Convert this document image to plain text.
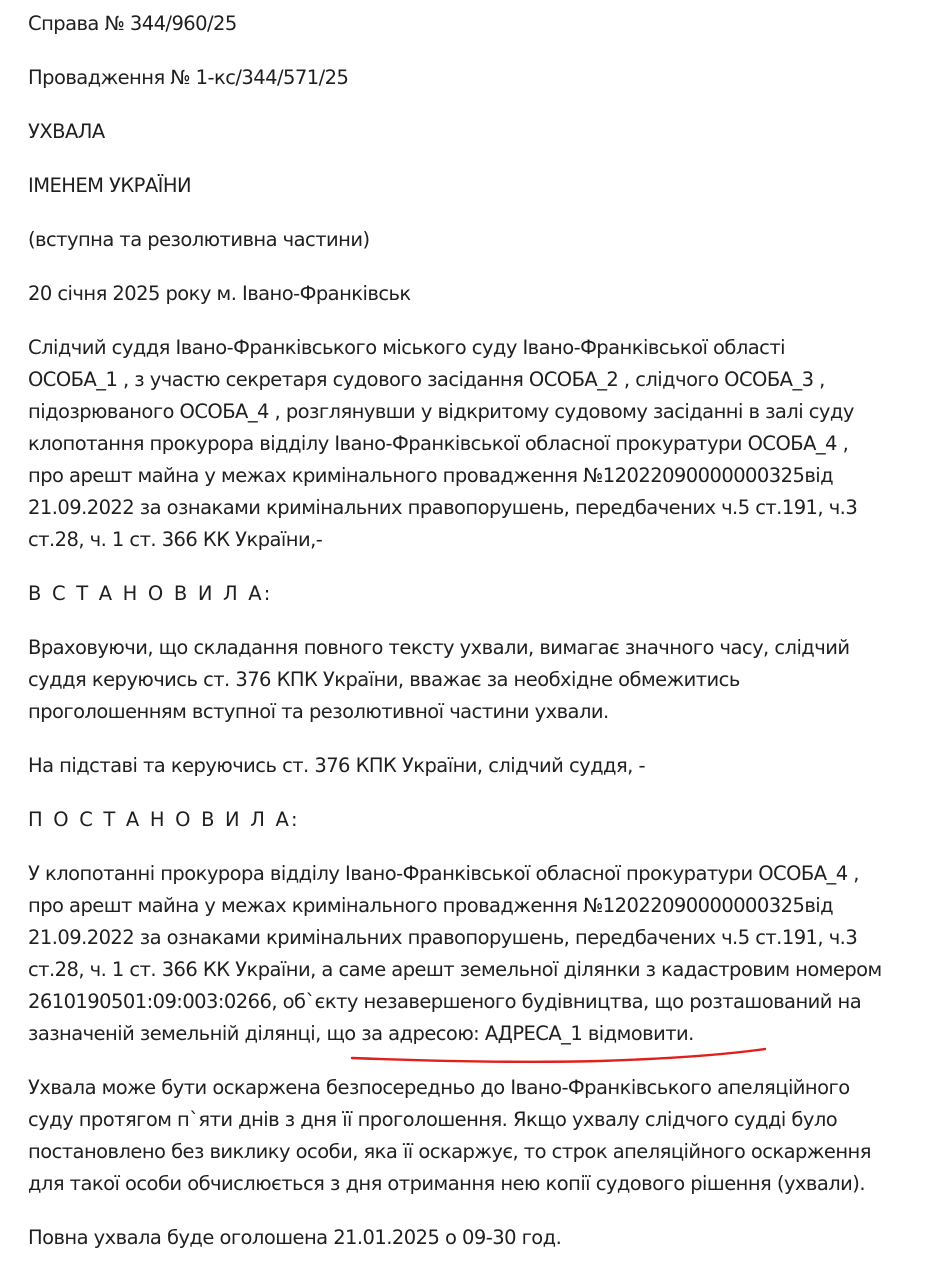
Справа № 344/960/25

Провадження № 1-кс/344/571/25

УХВАЛА

ІМЕНЕМ УКРАЇНИ

(вступна та резолютивна частини)

20 січня 2025 року м. Івано-Франківськ

Слідчий суддя Івано-Франківського міського суду Івано-Франківської області

ОСОБА_1 , з участю секретаря судового засідання ОСОБА_2 , слідчого ОСОБА_3 ,

підозрюваного ОСОБА_4 , розглянувши у відкритому судовому засіданні в залі суду

клопотання прокурора відділу Івано-Франківської обласної прокуратури ОСОБА_4 ,

про арешт майна у межах кримінального провадження №12022090000000325від

21.09.2022 за ознаками кримінальних правопорушень, передбачених ч.5 ст.191, ч.3

ст.28, ч. 1 ст. 366 КК України,-

В С Т А Н О В И Л А:

Враховуючи, що складання повного тексту ухвали, вимагає значного часу, слідчий

суддя керуючись ст. 376 КПК України, вважає за необхідне обмежитись

проголошенням вступної та резолютивної частини ухвали.

На підставі та керуючись ст. 376 КПК України, слідчий суддя, -

П О С Т А Н О В И Л А:

У клопотанні прокурора відділу Івано-Франківської обласної прокуратури ОСОБА_4 ,

про арешт майна у межах кримінального провадження №12022090000000325від

21.09.2022 за ознаками кримінальних правопорушень, передбачених ч.5 ст.191, ч.3

ст.28, ч. 1 ст. 366 КК України, а саме арешт земельної ділянки з кадастровим номером

2610190501:09:003:0266, об`єкту незавершеного будівництва, що розташований на

зазначеній земельній ділянці, що за адресою: АДРЕСА_1 відмовити.

Ухвала може бути оскаржена безпосередньо до Івано-Франківського апеляційного

суду протягом п`яти днів з дня її проголошення. Якщо ухвалу слідчого судді було

постановлено без виклику особи, яка її оскаржує, то строк апеляційного оскарження

для такої особи обчислюється з дня отримання нею копії судового рішення (ухвали).

Повна ухвала буде оголошена 21.01.2025 о 09-30 год.
